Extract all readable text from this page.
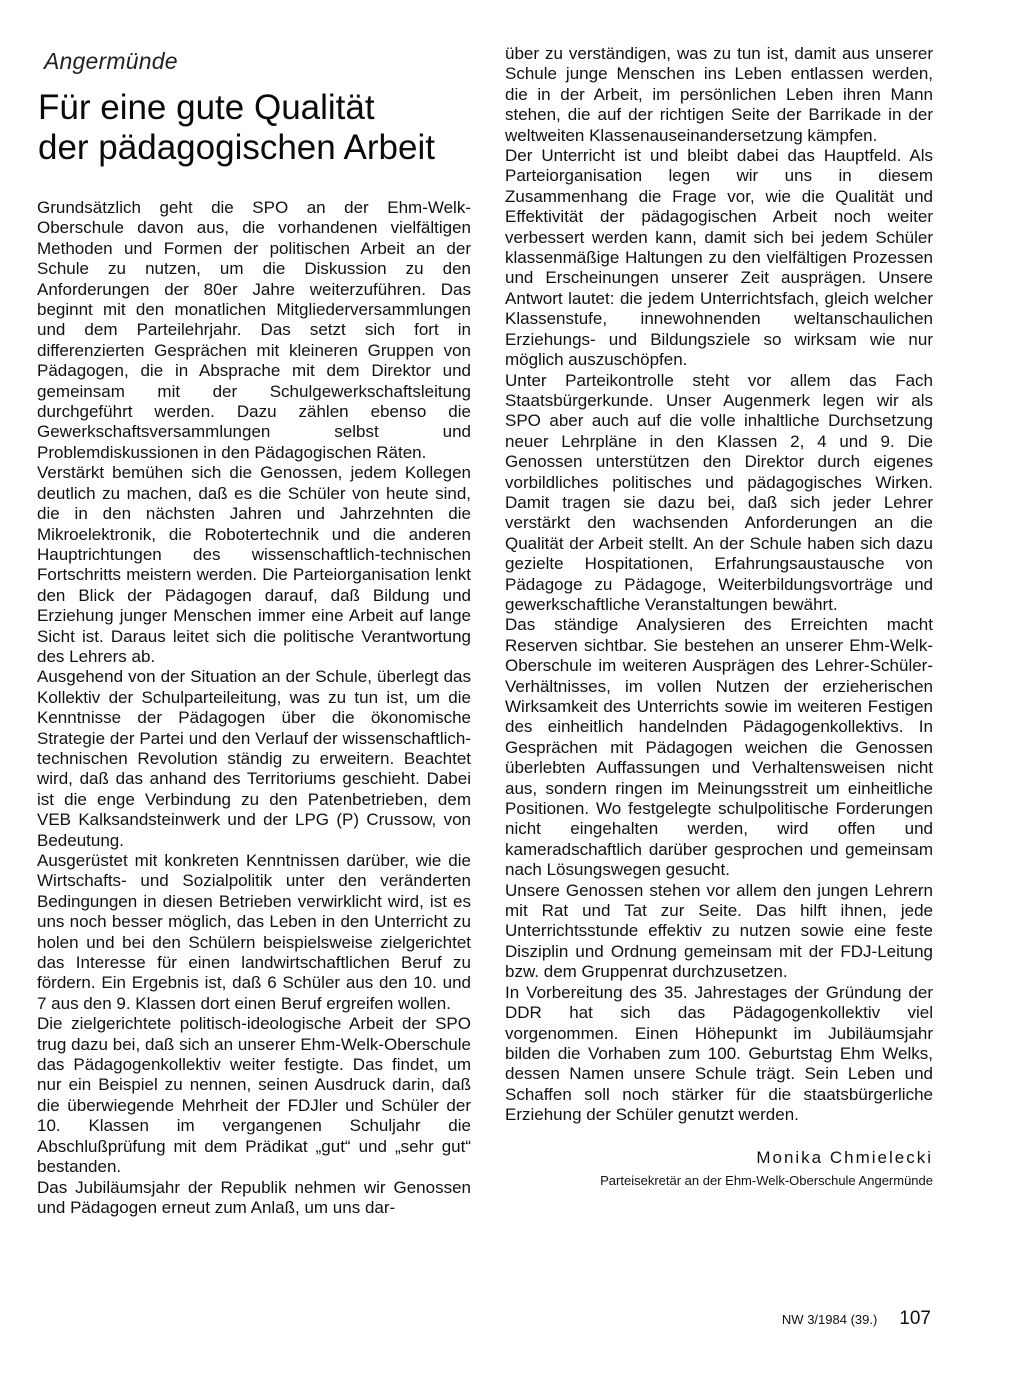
Angermünde
Für eine gute Qualität
der pädagogischen Arbeit

Grundsätzlich geht die SPO an der Ehm-Welk-Oberschule davon aus, die vorhandenen vielfältigen Methoden und Formen der politischen Arbeit an der Schule zu nutzen, um die Diskussion zu den Anforderungen der 80er Jahre weiterzuführen. Das beginnt mit den monatlichen Mitgliederversammlungen und dem Parteilehrjahr. Das setzt sich fort in differenzierten Gesprächen mit kleineren Gruppen von Pädagogen, die in Absprache mit dem Direktor und gemeinsam mit der Schulgewerkschaftsleitung durchgeführt werden. Dazu zählen ebenso die Gewerkschaftsversammlungen selbst und Problemdiskussionen in den Pädagogischen Räten.

Verstärkt bemühen sich die Genossen, jedem Kollegen deutlich zu machen, daß es die Schüler von heute sind, die in den nächsten Jahren und Jahrzehnten die Mikroelektronik, die Robotertechnik und die anderen Hauptrichtungen des wissenschaftlich-technischen Fortschritts meistern werden. Die Parteiorganisation lenkt den Blick der Pädagogen darauf, daß Bildung und Erziehung junger Menschen immer eine Arbeit auf lange Sicht ist. Daraus leitet sich die politische Verantwortung des Lehrers ab.

Ausgehend von der Situation an der Schule, überlegt das Kollektiv der Schulparteileitung, was zu tun ist, um die Kenntnisse der Pädagogen über die ökonomische Strategie der Partei und den Verlauf der wissenschaftlich-technischen Revolution ständig zu erweitern. Beachtet wird, daß das anhand des Territoriums geschieht. Dabei ist die enge Verbindung zu den Patenbetrieben, dem VEB Kalksandsteinwerk und der LPG (P) Crussow, von Bedeutung.

Ausgerüstet mit konkreten Kenntnissen darüber, wie die Wirtschafts- und Sozialpolitik unter den veränderten Bedingungen in diesen Betrieben verwirklicht wird, ist es uns noch besser möglich, das Leben in den Unterricht zu holen und bei den Schülern beispielsweise zielgerichtet das Interesse für einen landwirtschaftlichen Beruf zu fördern. Ein Ergebnis ist, daß 6 Schüler aus den 10. und 7 aus den 9. Klassen dort einen Beruf ergreifen wollen.

Die zielgerichtete politisch-ideologische Arbeit der SPO trug dazu bei, daß sich an unserer Ehm-Welk-Oberschule das Pädagogenkollektiv weiter festigte. Das findet, um nur ein Beispiel zu nennen, seinen Ausdruck darin, daß die überwiegende Mehrheit der FDJler und Schüler der 10. Klassen im vergangenen Schuljahr die Abschlußprüfung mit dem Prädikat „gut“ und „sehr gut“ bestanden.

Das Jubiläumsjahr der Republik nehmen wir Genossen und Pädagogen erneut zum Anlaß, um uns dar-

über zu verständigen, was zu tun ist, damit aus unserer Schule junge Menschen ins Leben entlassen werden, die in der Arbeit, im persönlichen Leben ihren Mann stehen, die auf der richtigen Seite der Barrikade in der weltweiten Klassenauseinandersetzung kämpfen.

Der Unterricht ist und bleibt dabei das Hauptfeld. Als Parteiorganisation legen wir uns in diesem Zusammenhang die Frage vor, wie die Qualität und Effektivität der pädagogischen Arbeit noch weiter verbessert werden kann, damit sich bei jedem Schüler klassenmäßige Haltungen zu den vielfältigen Prozessen und Erscheinungen unserer Zeit ausprägen. Unsere Antwort lautet: die jedem Unterrichtsfach, gleich welcher Klassenstufe, innewohnenden weltanschaulichen Erziehungs- und Bildungsziele so wirksam wie nur möglich auszuschöpfen.

Unter Parteikontrolle steht vor allem das Fach Staatsbürgerkunde. Unser Augenmerk legen wir als SPO aber auch auf die volle inhaltliche Durchsetzung neuer Lehrpläne in den Klassen 2, 4 und 9. Die Genossen unterstützen den Direktor durch eigenes vorbildliches politisches und pädagogisches Wirken. Damit tragen sie dazu bei, daß sich jeder Lehrer verstärkt den wachsenden Anforderungen an die Qualität der Arbeit stellt. An der Schule haben sich dazu gezielte Hospitationen, Erfahrungsaustausche von Pädagoge zu Pädagoge, Weiterbildungsvorträge und gewerkschaftliche Veranstaltungen bewährt.

Das ständige Analysieren des Erreichten macht Reserven sichtbar. Sie bestehen an unserer Ehm-Welk-Oberschule im weiteren Ausprägen des Lehrer-Schüler-Verhältnisses, im vollen Nutzen der erzieherischen Wirksamkeit des Unterrichts sowie im weiteren Festigen des einheitlich handelnden Pädagogenkollektivs. In Gesprächen mit Pädagogen weichen die Genossen überlebten Auffassungen und Verhaltensweisen nicht aus, sondern ringen im Meinungsstreit um einheitliche Positionen. Wo festgelegte schulpolitische Forderungen nicht eingehalten werden, wird offen und kameradschaftlich darüber gesprochen und gemeinsam nach Lösungswegen gesucht.

Unsere Genossen stehen vor allem den jungen Lehrern mit Rat und Tat zur Seite. Das hilft ihnen, jede Unterrichtsstunde effektiv zu nutzen sowie eine feste Disziplin und Ordnung gemeinsam mit der FDJ-Leitung bzw. dem Gruppenrat durchzusetzen.

In Vorbereitung des 35. Jahrestages der Gründung der DDR hat sich das Pädagogenkollektiv viel vorgenommen. Einen Höhepunkt im Jubiläumsjahr bilden die Vorhaben zum 100. Geburtstag Ehm Welks, dessen Namen unsere Schule trägt. Sein Leben und Schaffen soll noch stärker für die staatsbürgerliche Erziehung der Schüler genutzt werden.

Monika Chmielecki
Parteisekretär an der Ehm-Welk-Oberschule Angermünde
NW 3/1984 (39.) 107
